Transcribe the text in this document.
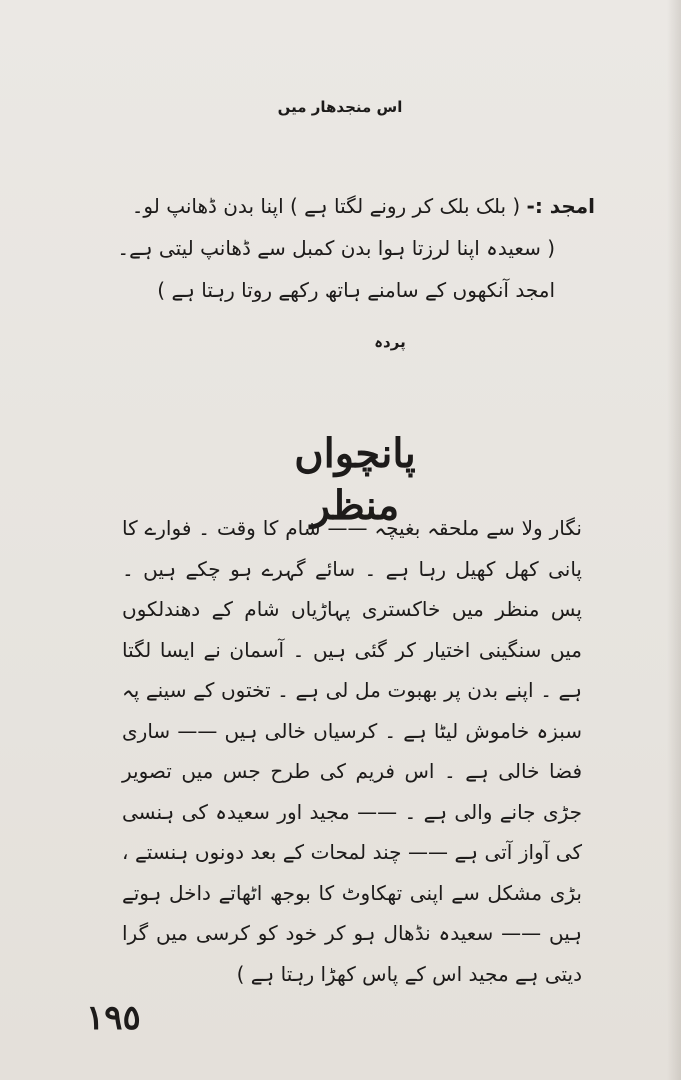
اس منجدھار میں

امجد :- ( بلک بلک کر رونے لگتا ہے ) اپنا بدن ڈھانپ لو۔

( سعیدہ اپنا لرزتا ہوا بدن کمبل سے ڈھانپ لیتی ہے۔ امجد آنکھوں کے سامنے ہاتھ رکھے روتا رہتا ہے )

پردہ
پانچواں منظر

نگار ولا سے ملحقہ بغیچہ —— شام کا وقت ۔ فوارے کا پانی کھل کھیل رہا ہے ۔ سائے گہرے ہو چکے ہیں ۔ پس منظر میں خاکستری پہاڑیاں شام کے دھندلکوں میں سنگینی اختیار کر گئی ہیں ۔ آسمان نے ایسا لگتا ہے ۔ اپنے بدن پر بھبوت مل لی ہے ۔ تختوں کے سینے پہ سبزہ خاموش لیٹا ہے ۔ کرسیاں خالی ہیں —— ساری فضا خالی ہے ۔ اس فریم کی طرح جس میں تصویر جڑی جانے والی ہے ۔ —— مجید اور سعیدہ کی ہنسی کی آواز آتی ہے —— چند لمحات کے بعد دونوں ہنستے ، بڑی مشکل سے اپنی تھکاوٹ کا بوجھ اٹھاتے داخل ہوتے ہیں —— سعیدہ نڈھال ہو کر خود کو کرسی میں گرا دیتی ہے مجید اس کے پاس کھڑا رہتا ہے )

١٩٥
